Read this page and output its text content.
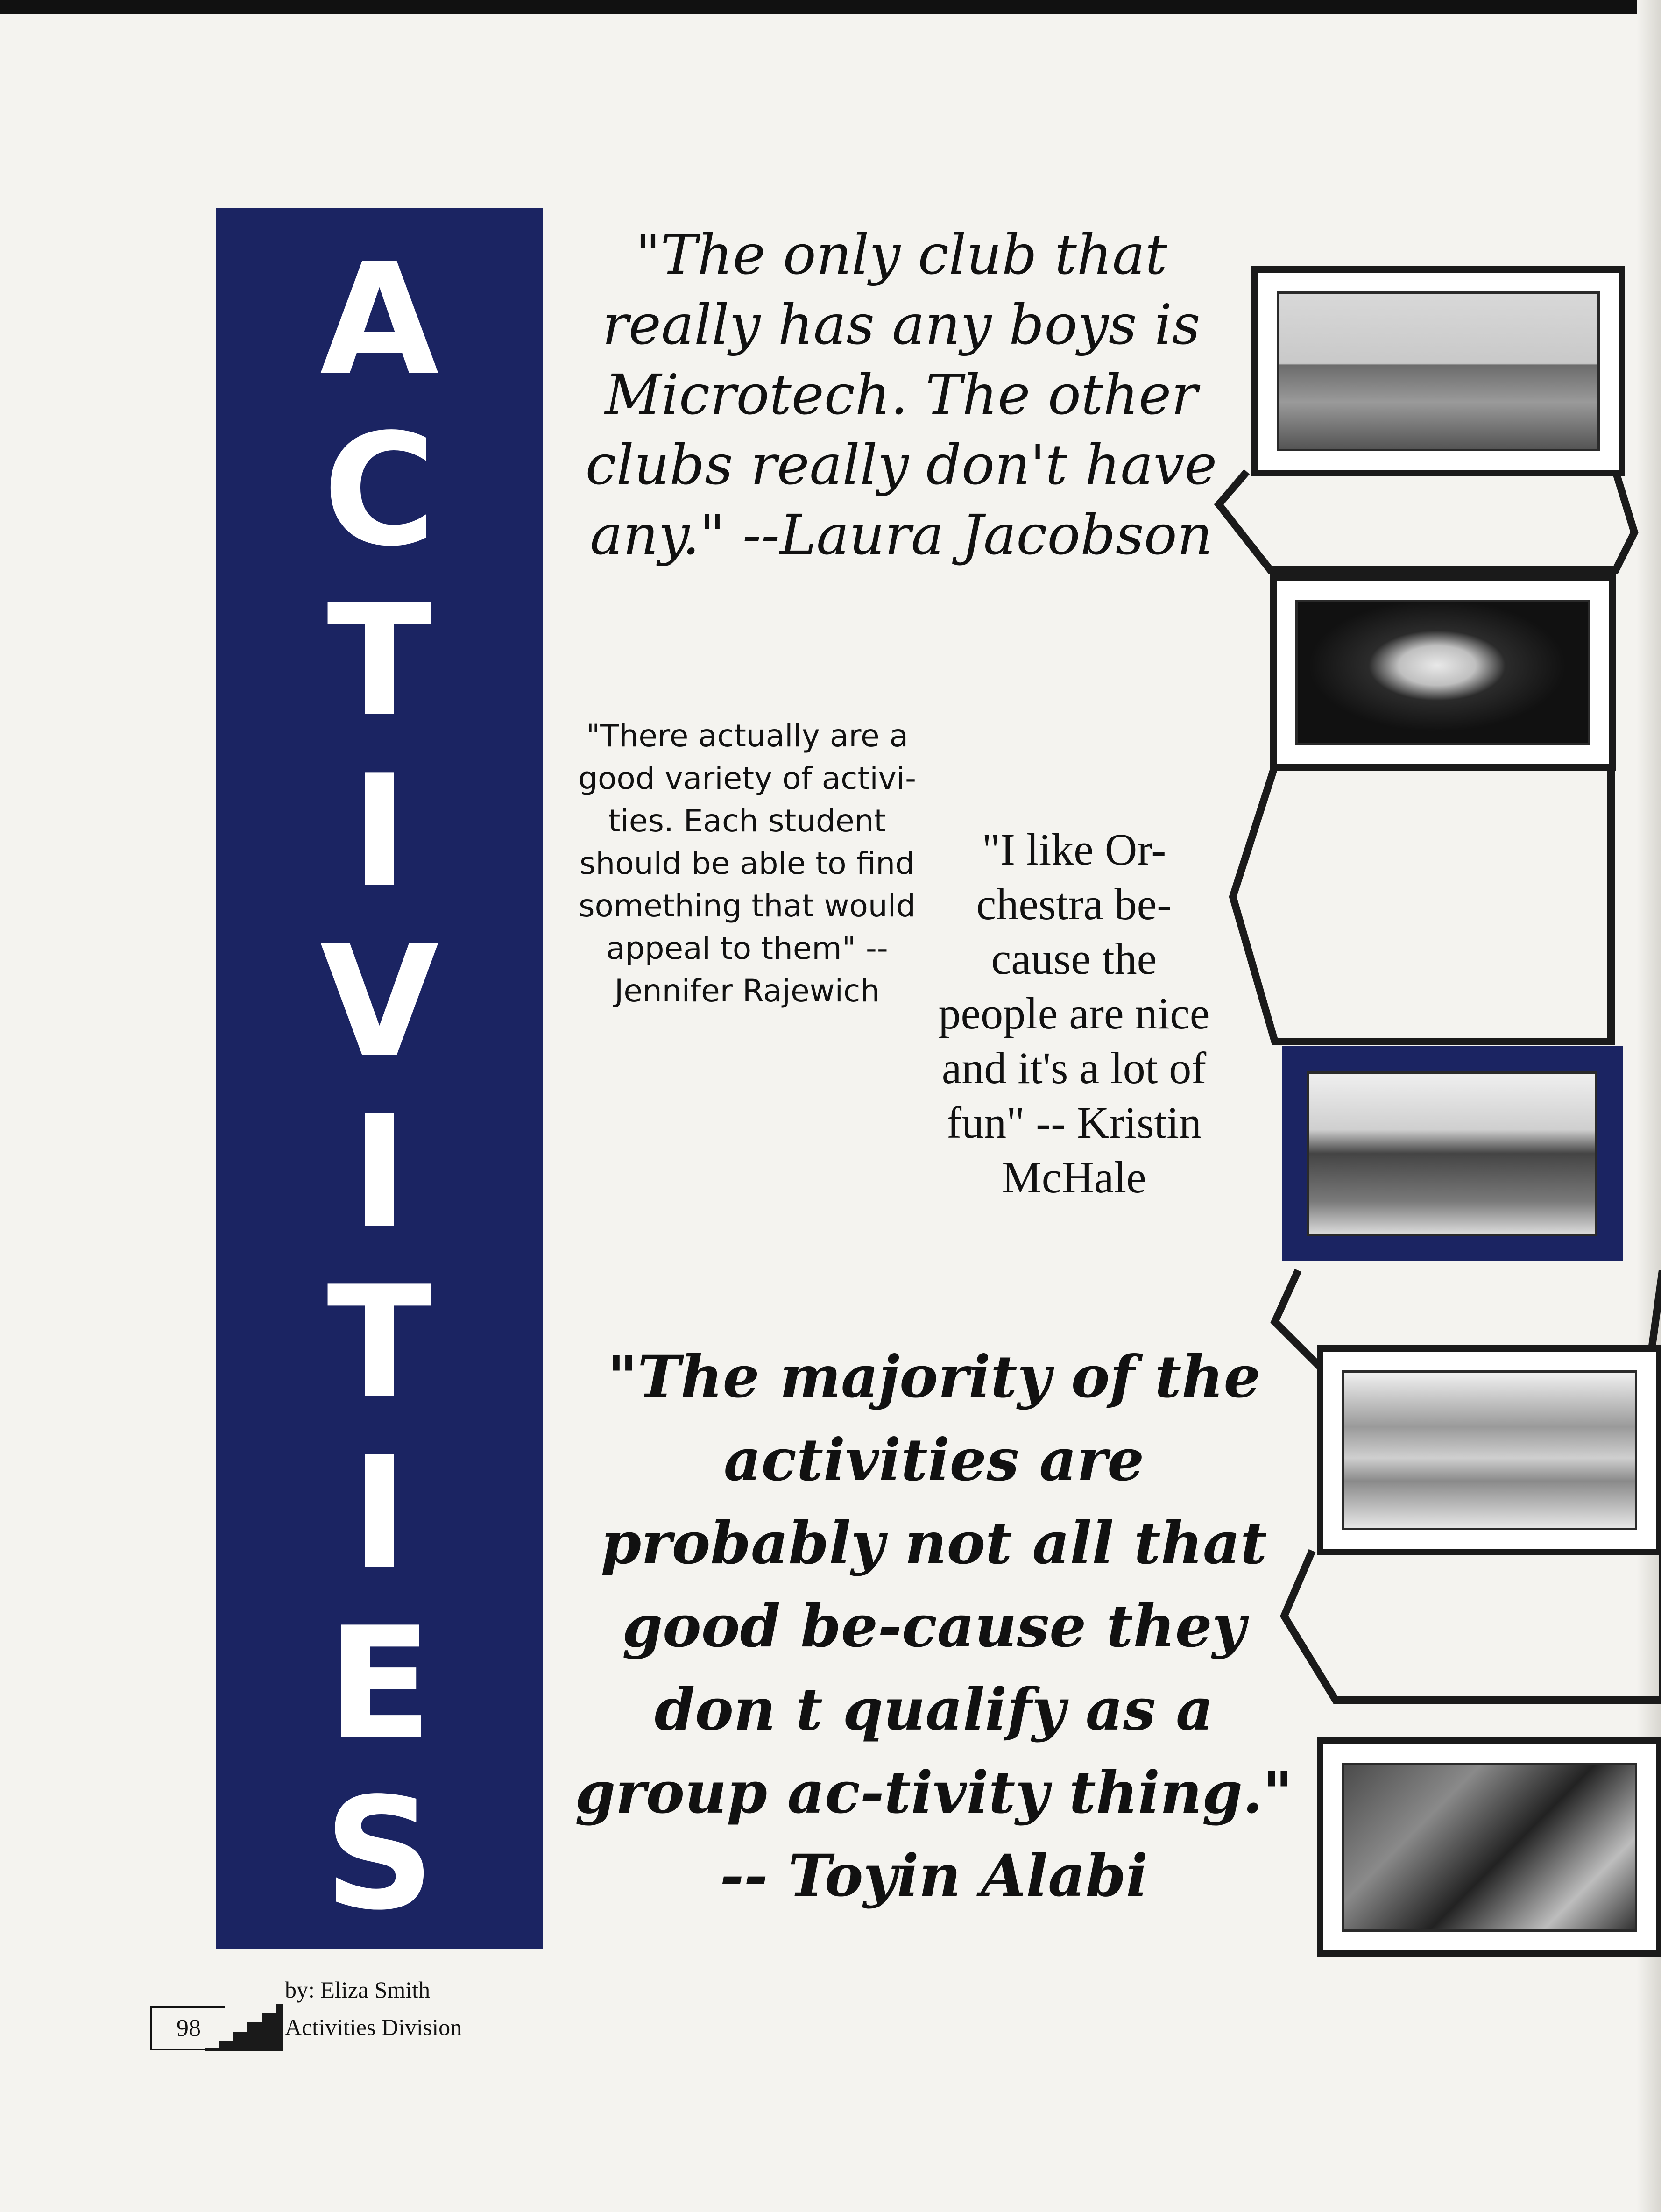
A
C
T
I
V
I
T
I
E
S

"The only club that really has any boys is Microtech. The other clubs really don't have any." --Laura Jacobson

"There actually are a good variety of activi-ties. Each student should be able to find something that would appeal to them" -- Jennifer Rajewich

"I like Or-chestra be-cause the people are nice and it's a lot of fun" -- Kristin McHale

"The majority of the activities are probably not all that good be-cause they don t qualify as a group ac-tivity thing." -- Toyin Alabi

98
by: Eliza Smith
Activities Division
